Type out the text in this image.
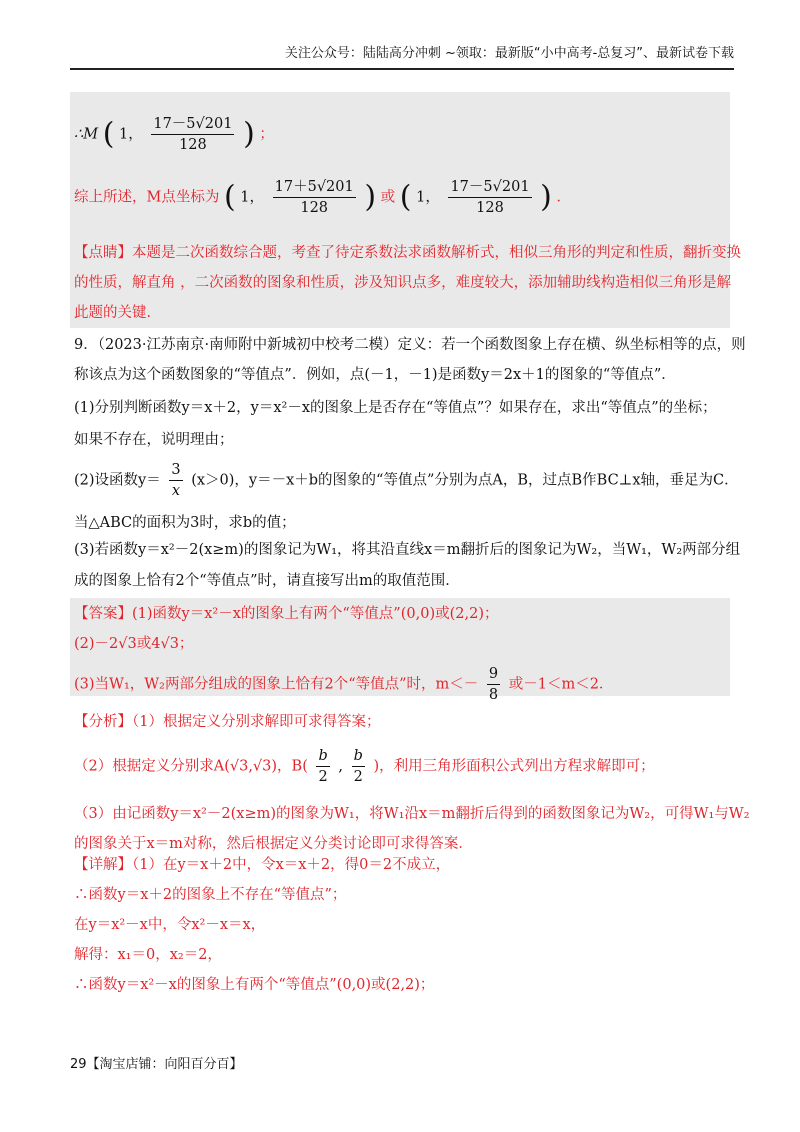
关注公众号：陆陆高分冲刺 ~领取：最新版“小中高考-总复习”、最新试卷下载
∴M ( 1， $\frac{17-5√201}{128}$ ) ；
综上所述，M点坐标为 ( 1， $\frac{17+5√201}{128}$ ) 或 ( 1， $\frac{17-5√201}{128}$ ) ．
【点睛】本题是二次函数综合题，考查了待定系数法求函数解析式，相似三角形的判定和性质，翻折变换
的性质，解直角 ，二次函数的图象和性质，涉及知识点多，难度较大，添加辅助线构造相似三角形是解
此题的关键．
9．（2023·江苏南京·南师附中新城初中校考二模）定义：若一个函数图象上存在横、纵坐标相等的点，则
称该点为这个函数图象的“等值点”．例如，点(－1，－1)是函数y＝2x＋1的图象的“等值点”．
(1)分别判断函数y＝x＋2，y＝x²－x的图象上是否存在“等值点”？如果存在，求出“等值点”的坐标；
如果不存在，说明理由；
(2)设函数$y= \frac{3}{x} (x>0)$，y＝－x＋b的图象的“等值点”分别为点A，B，过点B作BC⊥x轴，垂足为C．
当△ABC的面积为3时，求b的值；
(3)若函数y＝x²－2(x≥m)的图象记为W₁，将其沿直线x＝m翻折后的图象记为W₂，当W₁，W₂两部分组
成的图象上恰有2个“等值点”时，请直接写出m的取值范围．
【答案】(1)函数y＝x²－x的图象上有两个“等值点”(0,0)或(2,2)；
(2)－2√3或4√3；
(3)当W₁，W₂两部分组成的图象上恰有2个“等值点”时，$m<- \frac{9}{8}$ 或－1＜m＜2．
【分析】（1）根据定义分别求解即可求得答案；
（2）根据定义分别求A(√3,√3)，$B( \frac{b}{2}$ , $\frac{b}{2}$ )，利用三角形面积公式列出方程求解即可；
（3）由记函数y＝x²－2(x≥m)的图象为W₁，将W₁沿x＝m翻折后得到的函数图象记为W₂，可得W₁与W₂
的图象关于x＝m对称，然后根据定义分类讨论即可求得答案．
【详解】（1）在y＝x＋2中，令x＝x＋2，得0＝2不成立，
∴函数y＝x＋2的图象上不存在“等值点”；
在y＝x²－x中，令x²－x＝x，
解得：x₁＝0，x₂＝2，
∴函数y＝x²－x的图象上有两个“等值点”(0,0)或(2,2)；
29【淘宝店铺：向阳百分百】
